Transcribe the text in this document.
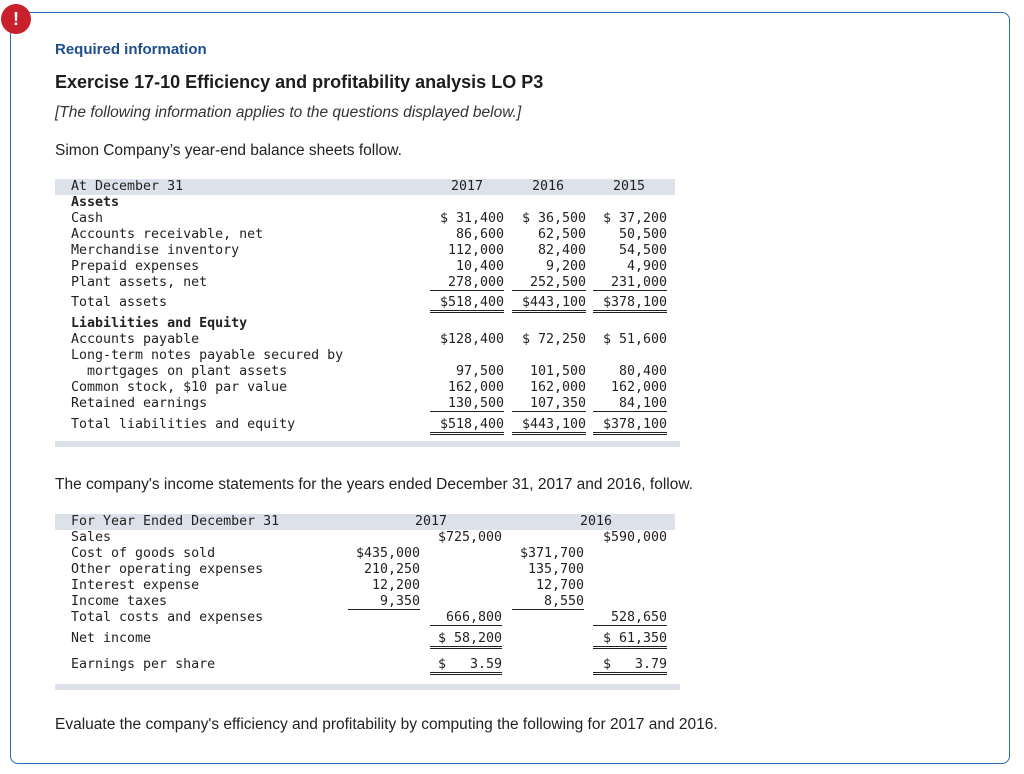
!
Required information
Exercise 17-10 Efficiency and profitability analysis LO P3
[The following information applies to the questions displayed below.]
Simon Company’s year-end balance sheets follow.
At December 31	2017	2016	2015
Assets
Cash	$ 31,400	$ 36,500	$ 37,200
Accounts receivable, net	86,600	62,500	50,500
Merchandise inventory	112,000	82,400	54,500
Prepaid expenses	10,400	9,200	4,900
Plant assets, net	278,000	252,500	231,000
Total assets	$518,400	$443,100	$378,100
Liabilities and Equity
Accounts payable	$128,400	$ 72,250	$ 51,600
Long-term notes payable secured by
mortgages on plant assets	97,500	101,500	80,400
Common stock, $10 par value	162,000	162,000	162,000
Retained earnings	130,500	107,350	84,100
Total liabilities and equity	$518,400	$443,100	$378,100
The company's income statements for the years ended December 31, 2017 and 2016, follow.
For Year Ended December 31	2017	2016
Sales	$725,000	$590,000
Cost of goods sold	$435,000	$371,700
Other operating expenses	210,250	135,700
Interest expense	12,200	12,700
Income taxes	9,350	8,550
Total costs and expenses	666,800	528,650
Net income	$ 58,200	$ 61,350
Earnings per share	$   3.59	$   3.79
Evaluate the company's efficiency and profitability by computing the following for 2017 and 2016.
